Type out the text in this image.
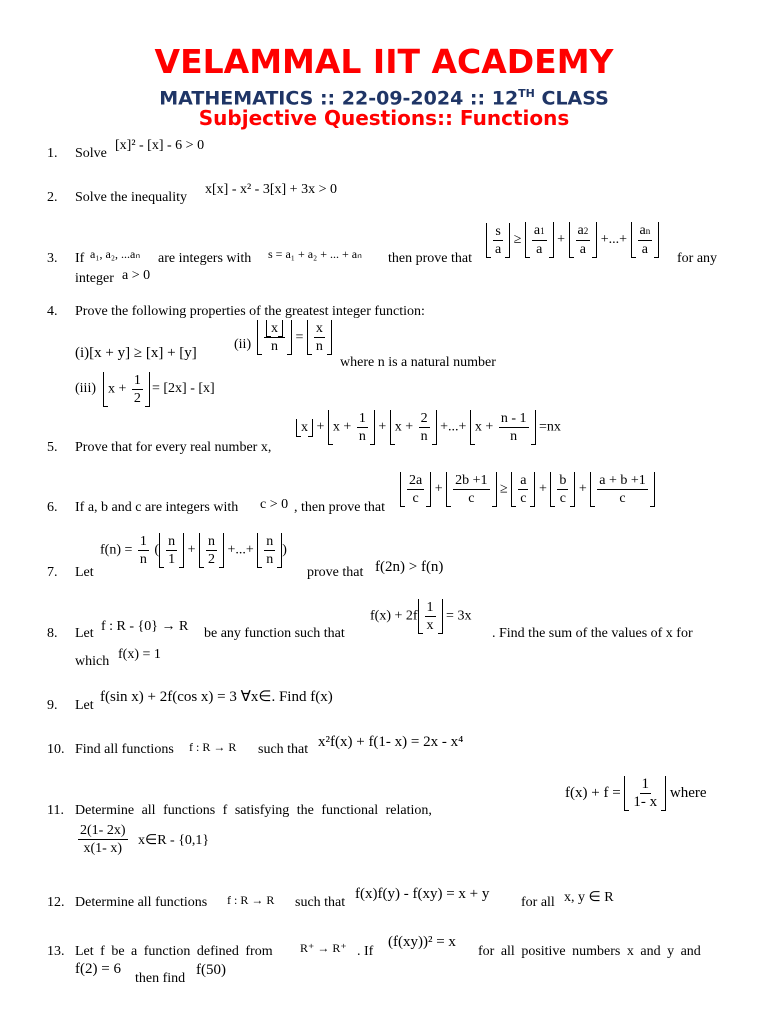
VELAMMAL IIT ACADEMY
MATHEMATICS :: 22-09-2024 :: 12TH CLASS
Subjective Questions:: Functions
1. Solve
[x]² - [x] - 6 > 0
2. Solve the inequality
x[x] - x² - 3[x] + 3x > 0
3. If a₁, a₂, ...aₙ are integers with s = a₁ + a₂ + ... + aₙ then prove that
$\frac{s}{a} \ge \frac{a1}{a} + \frac{a2}{a}$ +...+ $\frac{an}{a}$
for any
integer a > 0
4. Prove the following properties of the greatest integer function:
(i)[x + y] ≥ [x] + [y]
$(ii) \frac{x}{n} = \frac{x}{n}$
where n is a natural number
(iii) $x + \frac{1}{2} = [2x] - [x]$
5. Prove that for every real number x,
$x + x + \frac{1}{n} + x + \frac{2}{n}$ +...+ $x + \frac{n - 1}{n} =nx$
6. If a, b and c are integers with c > 0 , then prove that
$\frac{2a}{c} + \frac{2b +1}{c} \ge \frac{a}{c} + \frac{b}{c} + \frac{a + b +1}{c}$
7. Let
$f(n) = \frac{1}{n}$ ( $\frac{n}{1} + \frac{n}{2}$ +...+ $\frac{n}{n}$ )
prove that f(2n) > f(n)
8. Let f : R - {0} → R be any function such that
$f(x) + 2f \frac{1}{x} = 3x$
. Find the sum of the values of x for
which f(x) = 1
9. Let
f(sin x) + 2f(cos x) = 3 ∀x∈. Find f(x)
10. Find all functions f : R → R such that x²f(x) + f(1- x) = 2x - x⁴
11. Determine all functions f satisfying the functional relation,
$f(x) + f = \frac{1}{1- x}$ where
$\frac{2(1- 2x)}{x(1- x)}$ x∈R - {0,1}
12. Determine all functions f : R → R such that
f(x)f(y) - f(xy) = x + y
for all x, y ∈ R
13. Let f be a function defined from R⁺ → R⁺ . If
(f(xy))² = x
for all positive numbers x and y and
f(2) = 6
then find
f(50)
